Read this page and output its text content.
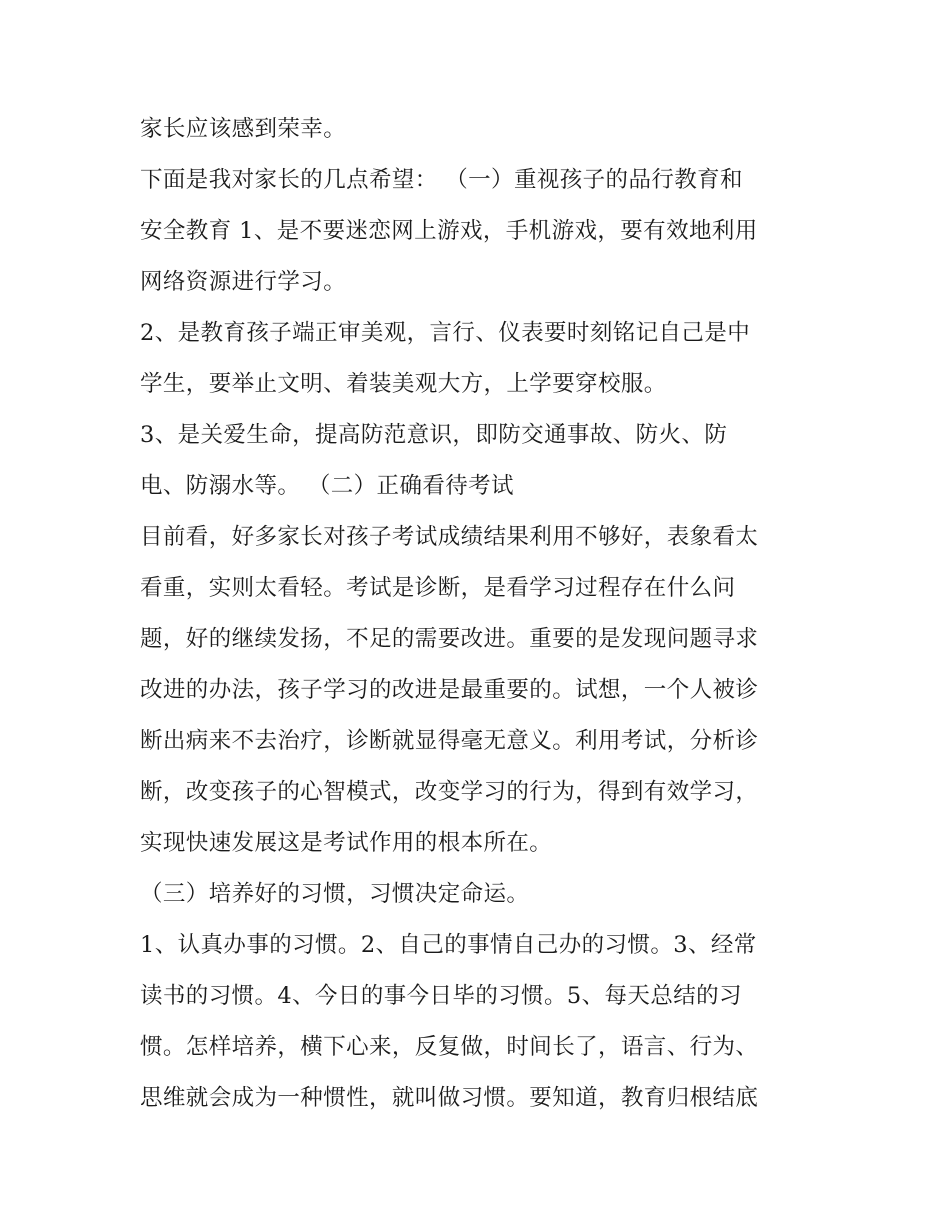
家长应该感到荣幸。
下面是我对家长的几点希望： （一）重视孩子的品行教育和
安全教育 1、是不要迷恋网上游戏，手机游戏，要有效地利用
网络资源进行学习。
2、是教育孩子端正审美观，言行、仪表要时刻铭记自己是中
学生，要举止文明、着装美观大方，上学要穿校服。
3、是关爱生命，提高防范意识，即防交通事故、防火、防
电、防溺水等。 （二）正确看待考试
目前看，好多家长对孩子考试成绩结果利用不够好，表象看太
看重，实则太看轻。考试是诊断，是看学习过程存在什么问
题，好的继续发扬，不足的需要改进。重要的是发现问题寻求
改进的办法，孩子学习的改进是最重要的。试想，一个人被诊
断出病来不去治疗，诊断就显得毫无意义。利用考试，分析诊
断，改变孩子的心智模式，改变学习的行为，得到有效学习，
实现快速发展这是考试作用的根本所在。
（三）培养好的习惯，习惯决定命运。
1、认真办事的习惯。2、自己的事情自己办的习惯。3、经常
读书的习惯。4、今日的事今日毕的习惯。5、每天总结的习
惯。怎样培养，横下心来，反复做，时间长了，语言、行为、
思维就会成为一种惯性，就叫做习惯。要知道，教育归根结底
